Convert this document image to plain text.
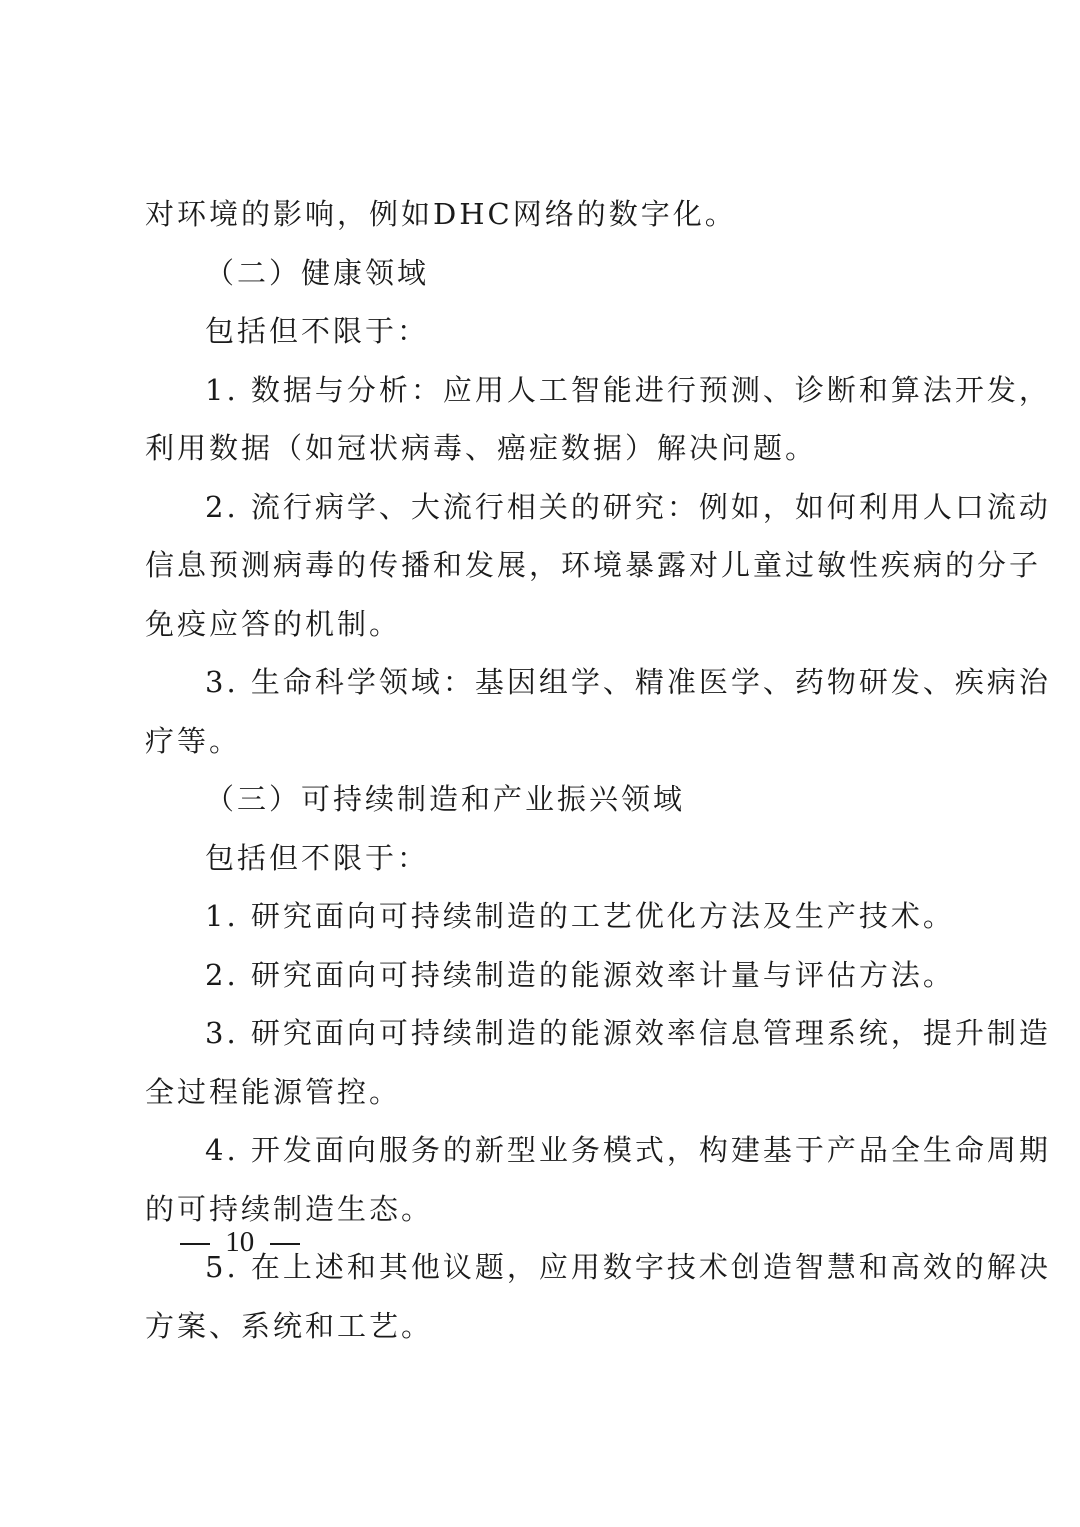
对环境的影响，例如DHC网络的数字化。
（二）健康领域
包括但不限于：
1. 数据与分析：应用人工智能进行预测、诊断和算法开发，
利用数据（如冠状病毒、癌症数据）解决问题。
2. 流行病学、大流行相关的研究：例如，如何利用人口流动
信息预测病毒的传播和发展，环境暴露对儿童过敏性疾病的分子
免疫应答的机制。
3. 生命科学领域：基因组学、精准医学、药物研发、疾病治
疗等。
（三）可持续制造和产业振兴领域
包括但不限于：
1. 研究面向可持续制造的工艺优化方法及生产技术。
2. 研究面向可持续制造的能源效率计量与评估方法。
3. 研究面向可持续制造的能源效率信息管理系统，提升制造
全过程能源管控。
4. 开发面向服务的新型业务模式，构建基于产品全生命周期
的可持续制造生态。
5. 在上述和其他议题，应用数字技术创造智慧和高效的解决
方案、系统和工艺。
10
